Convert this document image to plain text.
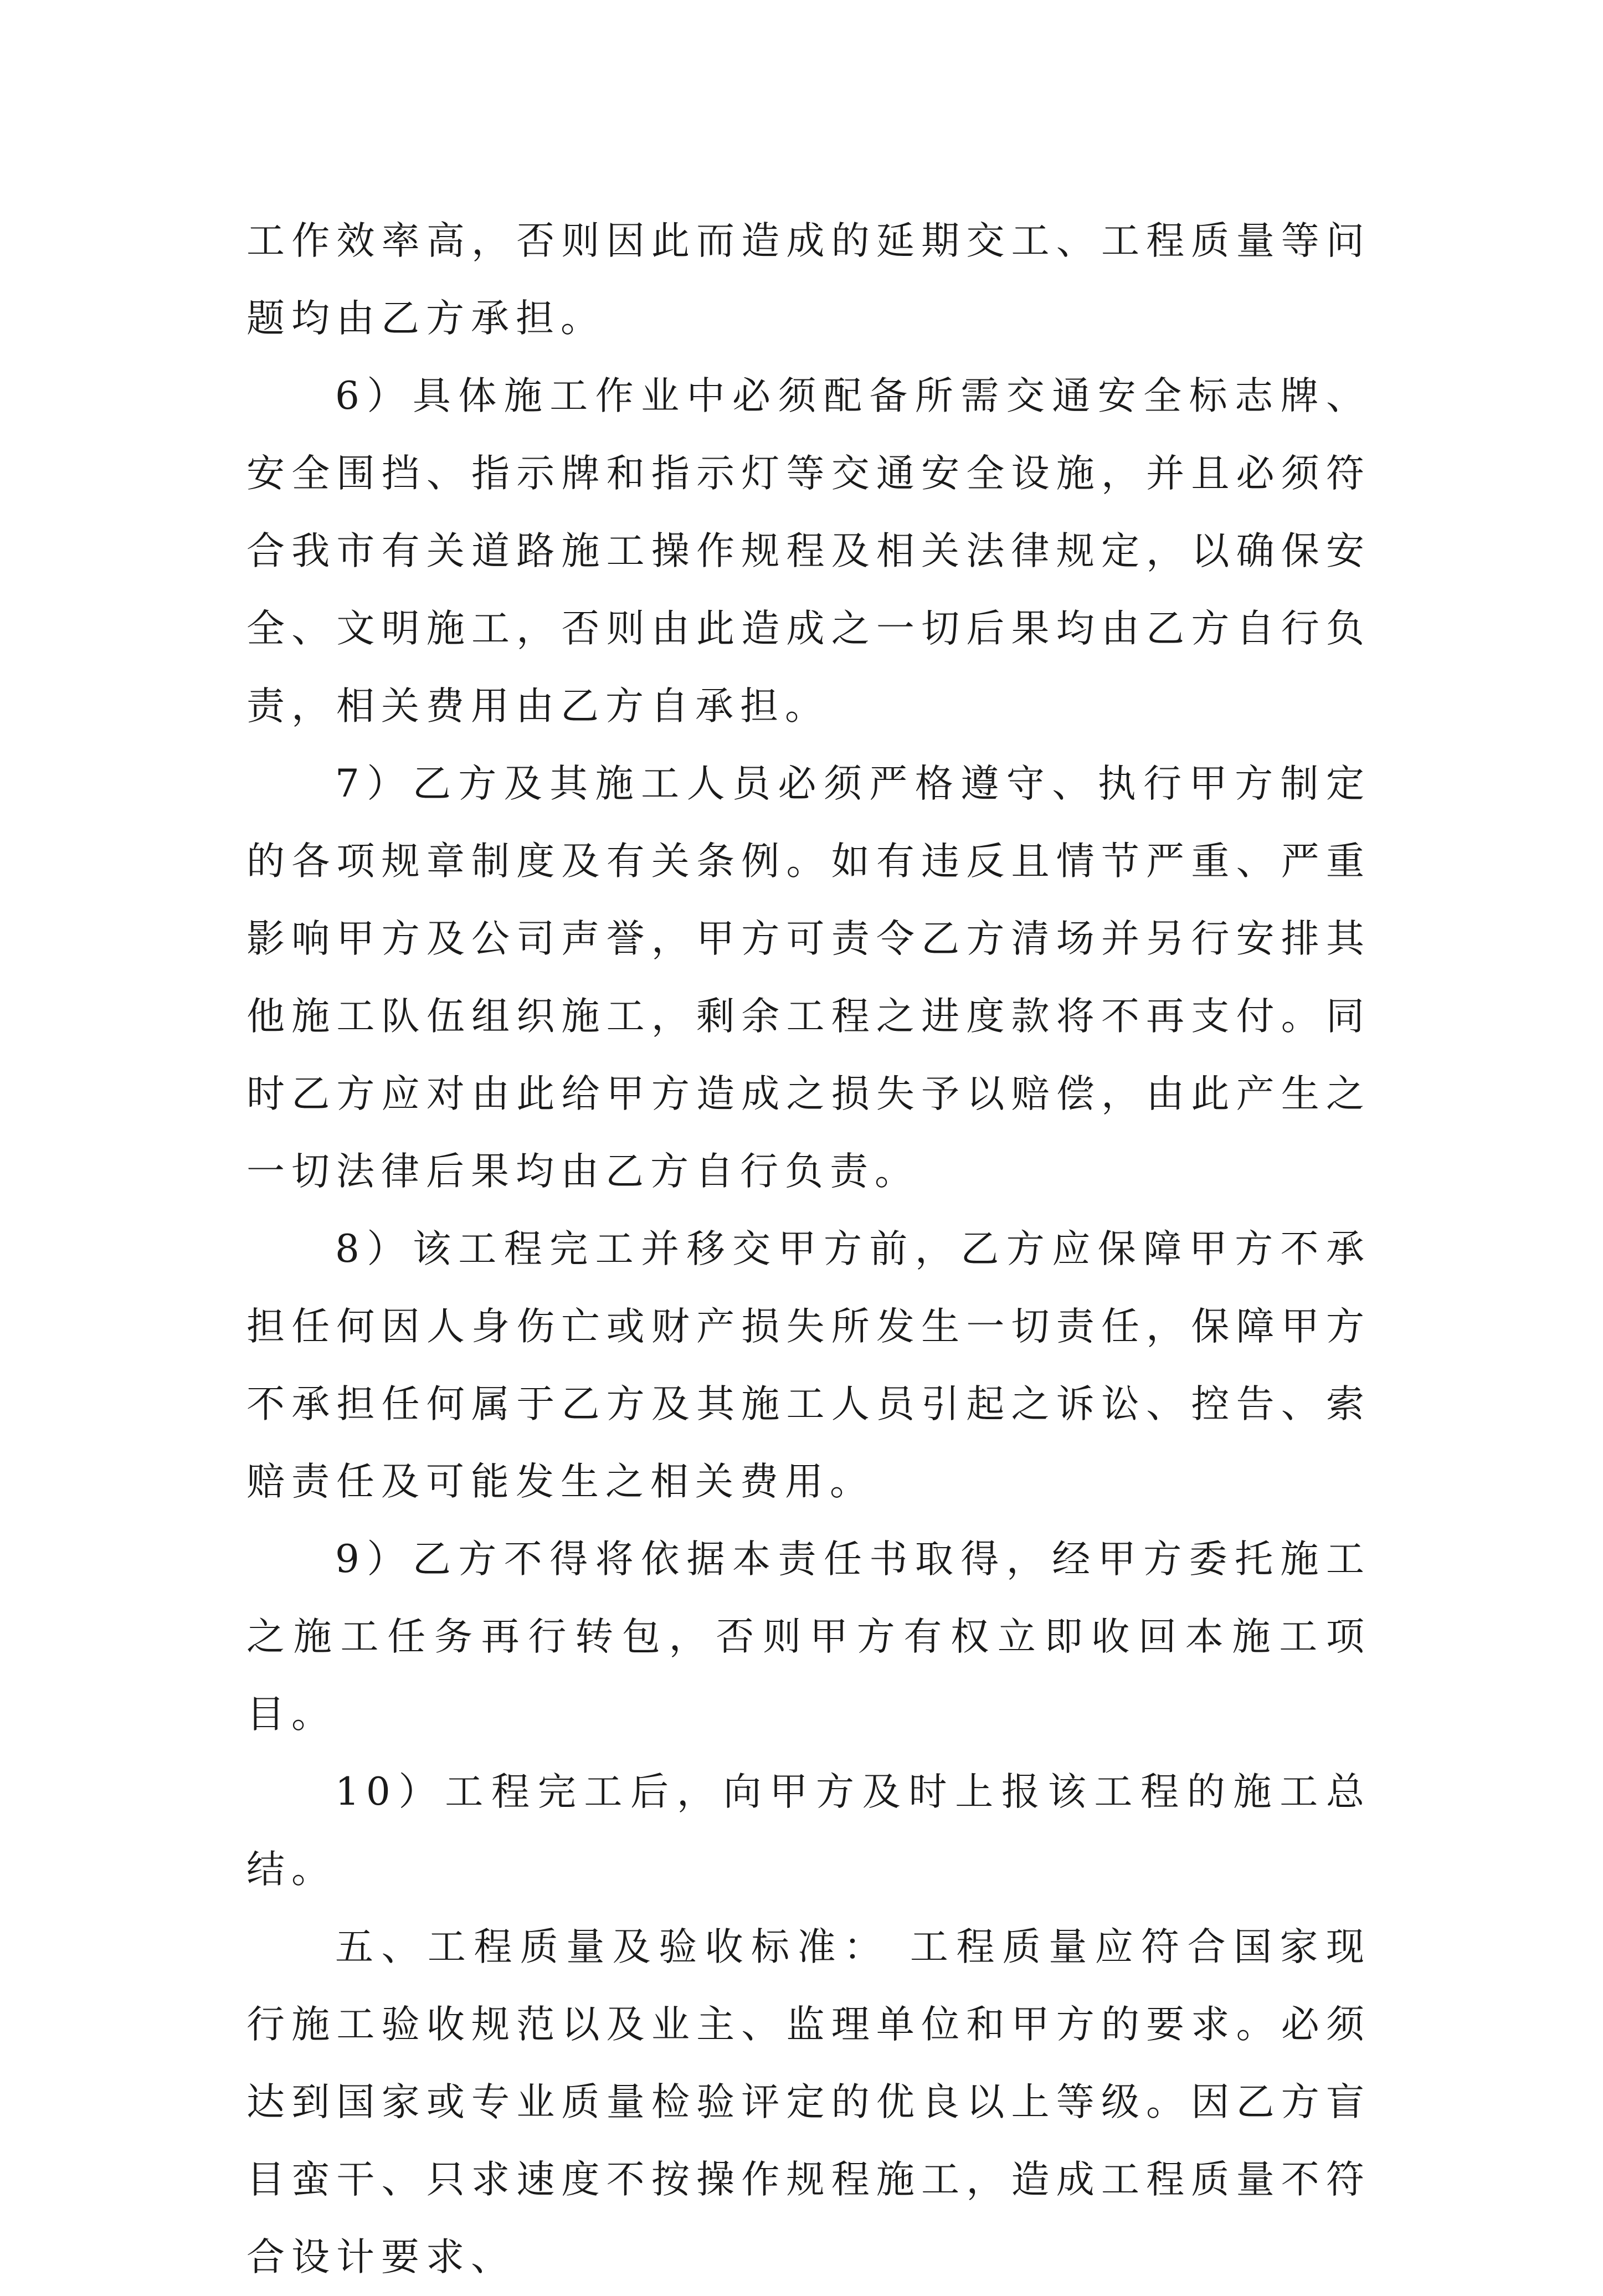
工作效率高，否则因此而造成的延期交工、工程质量等问题均由乙方承担。

6）具体施工作业中必须配备所需交通安全标志牌、安全围挡、指示牌和指示灯等交通安全设施，并且必须符合我市有关道路施工操作规程及相关法律规定，以确保安全、文明施工，否则由此造成之一切后果均由乙方自行负责，相关费用由乙方自承担。

7）乙方及其施工人员必须严格遵守、执行甲方制定的各项规章制度及有关条例。如有违反且情节严重、严重影响甲方及公司声誉，甲方可责令乙方清场并另行安排其他施工队伍组织施工，剩余工程之进度款将不再支付。同时乙方应对由此给甲方造成之损失予以赔偿，由此产生之一切法律后果均由乙方自行负责。

8）该工程完工并移交甲方前，乙方应保障甲方不承担任何因人身伤亡或财产损失所发生一切责任，保障甲方不承担任何属于乙方及其施工人员引起之诉讼、控告、索赔责任及可能发生之相关费用。

9）乙方不得将依据本责任书取得，经甲方委托施工之施工任务再行转包，否则甲方有权立即收回本施工项目。

10）工程完工后，向甲方及时上报该工程的施工总结。

五、工程质量及验收标准： 工程质量应符合国家现行施工验收规范以及业主、监理单位和甲方的要求。必须达到国家或专业质量检验评定的优良以上等级。因乙方盲目蛮干、只求速度不按操作规程施工，造成工程质量不符合设计要求、
